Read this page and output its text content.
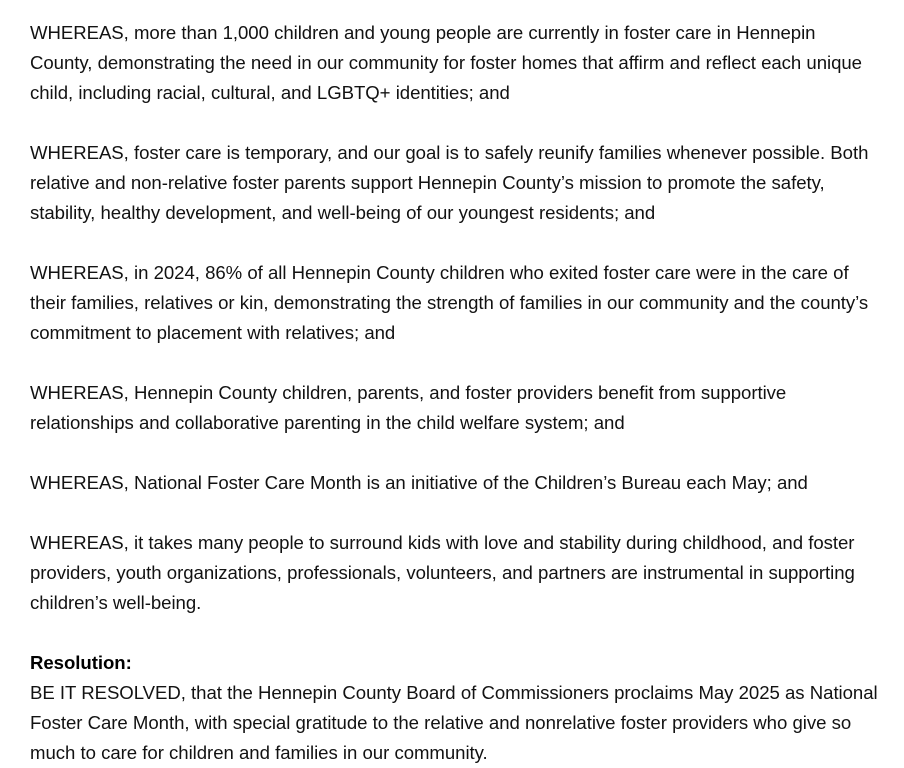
WHEREAS, more than 1,000 children and young people are currently in foster care in Hennepin County, demonstrating the need in our community for foster homes that affirm and reflect each unique child, including racial, cultural, and LGBTQ+ identities; and

WHEREAS, foster care is temporary, and our goal is to safely reunify families whenever possible. Both relative and non-relative foster parents support Hennepin County’s mission to promote the safety, stability, healthy development, and well-being of our youngest residents; and

WHEREAS, in 2024, 86% of all Hennepin County children who exited foster care were in the care of their families, relatives or kin, demonstrating the strength of families in our community and the county’s commitment to placement with relatives; and

WHEREAS, Hennepin County children, parents, and foster providers benefit from supportive relationships and collaborative parenting in the child welfare system; and

WHEREAS, National Foster Care Month is an initiative of the Children’s Bureau each May; and

WHEREAS, it takes many people to surround kids with love and stability during childhood, and foster providers, youth organizations, professionals, volunteers, and partners are instrumental in supporting children’s well-being.

Resolution:
BE IT RESOLVED, that the Hennepin County Board of Commissioners proclaims May 2025 as National Foster Care Month, with special gratitude to the relative and nonrelative foster providers who give so much to care for children and families in our community.
